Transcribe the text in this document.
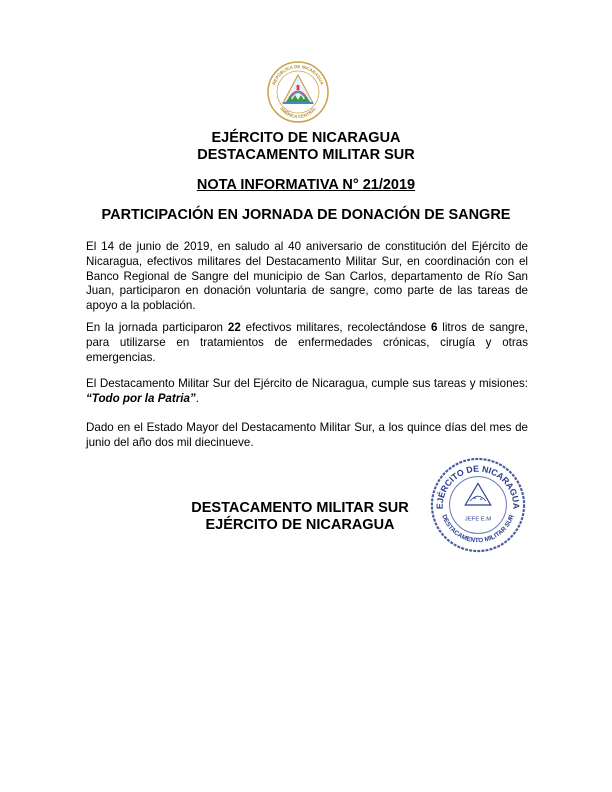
REPÚBLICA DE NICARAGUA
AMÉRICA CENTRAL
EJÉRCITO DE NICARAGUA
DESTACAMENTO MILITAR SUR
NOTA INFORMATIVA N° 21/2019
PARTICIPACIÓN EN JORNADA DE DONACIÓN DE SANGRE
El 14 de junio de 2019, en saludo al 40 aniversario de constitución del Ejército de Nicaragua, efectivos militares del Destacamento Militar Sur, en coordinación con el Banco Regional de Sangre del municipio de San Carlos, departamento de Río San Juan, participaron en donación voluntaria de sangre, como parte de las tareas de apoyo a la población.
En la jornada participaron 22 efectivos militares, recolectándose 6 litros de sangre, para utilizarse en tratamientos de enfermedades crónicas, cirugía y otras emergencias.
El Destacamento Militar Sur del Ejército de Nicaragua, cumple sus tareas y misiones: “Todo por la Patria”.
Dado en el Estado Mayor del Destacamento Militar Sur, a los quince días del mes de junio del año dos mil diecinueve.
DESTACAMENTO MILITAR SUR
EJÉRCITO DE NICARAGUA
EJÉRCITO DE NICARAGUA
DESTACAMENTO MILITAR SUR
JEFE E.M
